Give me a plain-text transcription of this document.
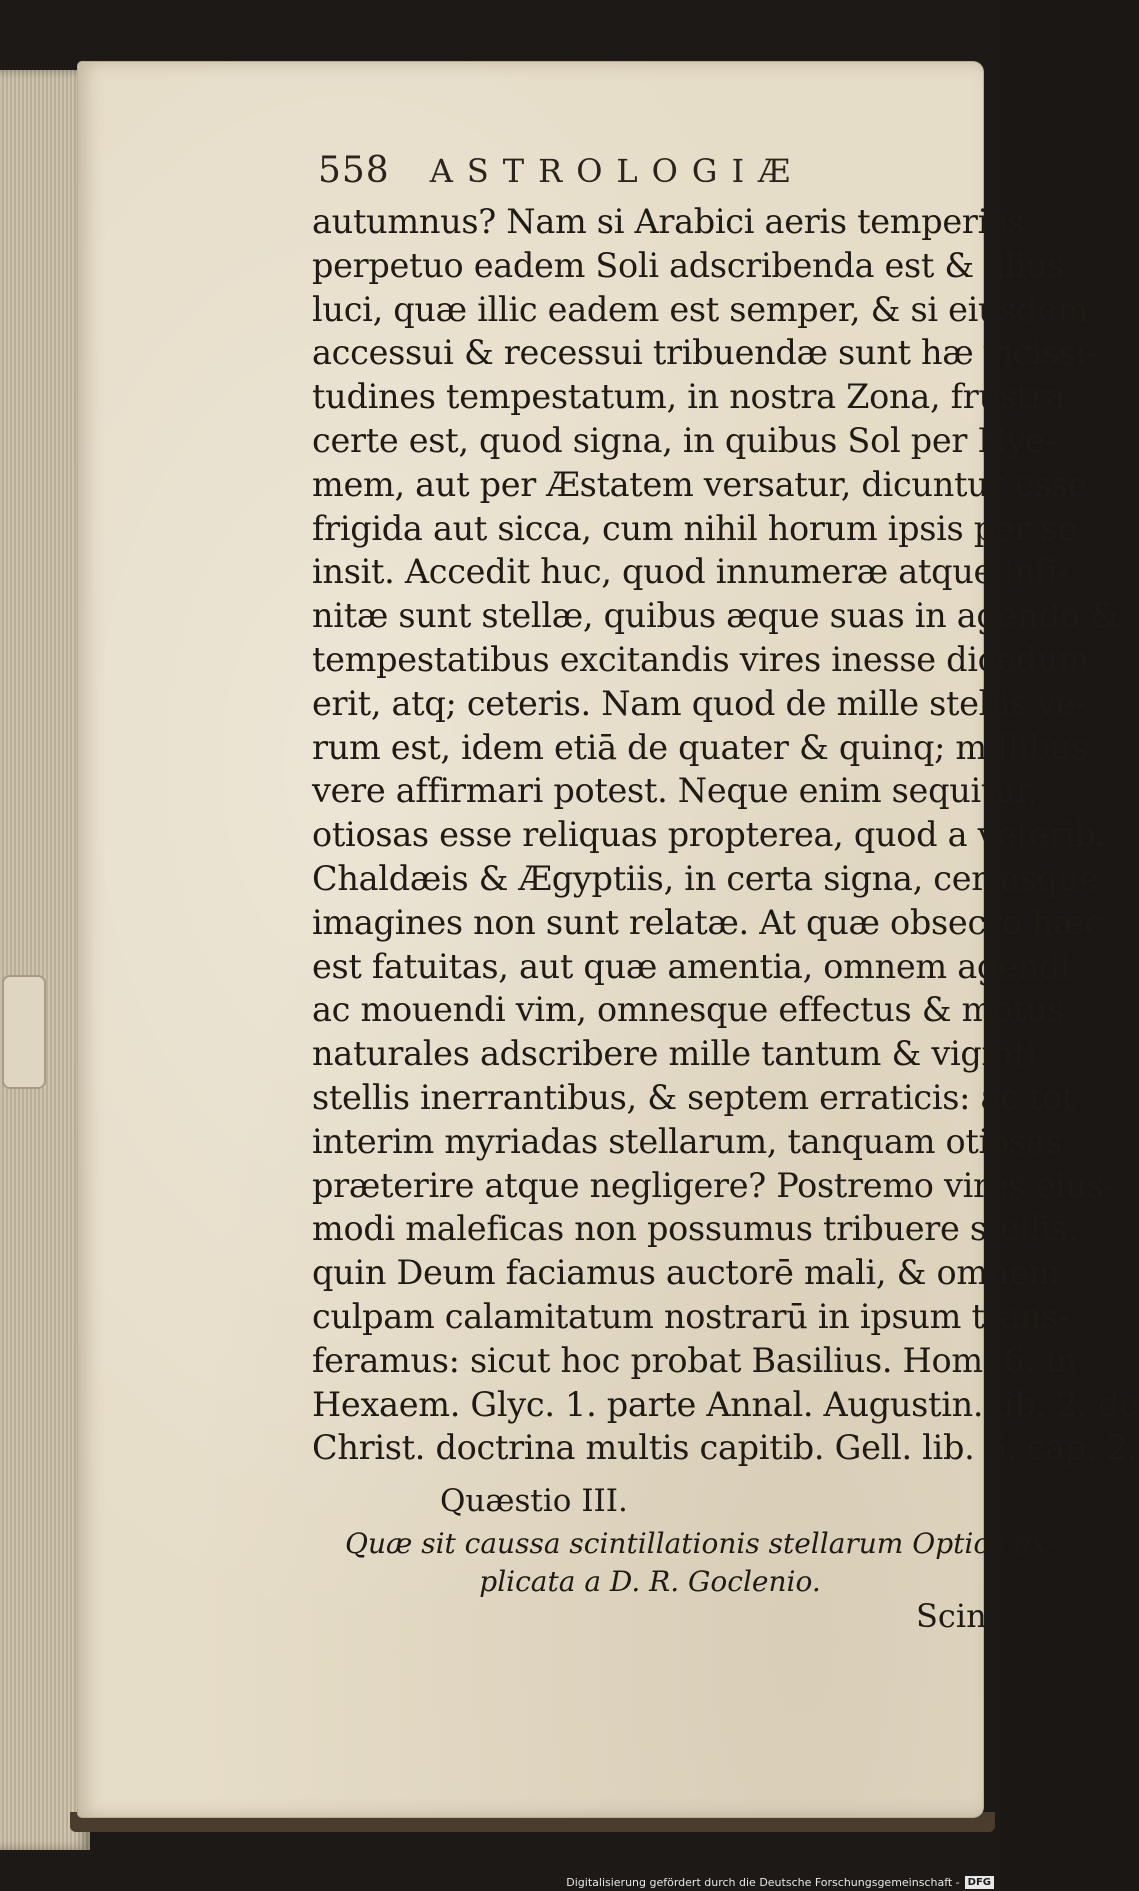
558 ASTROLOGIÆ
autumnus? Nam si Arabici aeris temperies
perpetuo eadem Soli adscribenda est & illius
luci, quæ illic eadem est semper, & si eiusdem
accessui & recessui tribuendæ sunt hæ vicissi-
tudines tempestatum, in nostra Zona, frustra
certe est, quod signa, in quibus Sol per Hye-
mem, aut per Æstatem versatur, dicuntur esse
frigida aut sicca, cum nihil horum ipsis per se
insit. Accedit huc, quod innumeræ atque infi-
nitæ sunt stellæ, quibus æque suas in agendo &
tempestatibus excitandis vires inesse dicédum
erit, atq; ceteris. Nam quod de mille stellis ve-
rum est, idem etiā de quater & quinq; millibus
vere affirmari potest. Neque enim sequitur,
otiosas esse reliquas propterea, quod a veterib.
Chaldæis & Ægyptiis, in certa signa, certasque
imagines non sunt relatæ. At quæ obsecro hæc
est fatuitas, aut quæ amentia, omnem agendi
ac mouendi vim, omnesque effectus & motus
naturales adscribere mille tantum & viginti
stellis inerrantibus, & septem erraticis: ac tot
interim myriadas stellarum, tanquam otiosas
præterire atque negligere? Postremo vires eius-
modi maleficas non possumus tribuere stellis,
quin Deum faciamus auctorē mali, & omnem
culpam calamitatum nostrarū in ipsum trans-
feramus: sicut hoc probat Basilius. Hom. 6. in
Hexaem. Glyc. 1. parte Annal. Augustin. lib. 2. de
Christ. doctrina multis capitib. Gell. lib. 6. cap. 2.
Quæstio III.
Quæ sit caussa scintillationis stellarum Optice ex-
plicata a D. R. Goclenio.
Scin-
Digitalisierung gefördert durch die Deutsche Forschungsgemeinschaft - DFG
